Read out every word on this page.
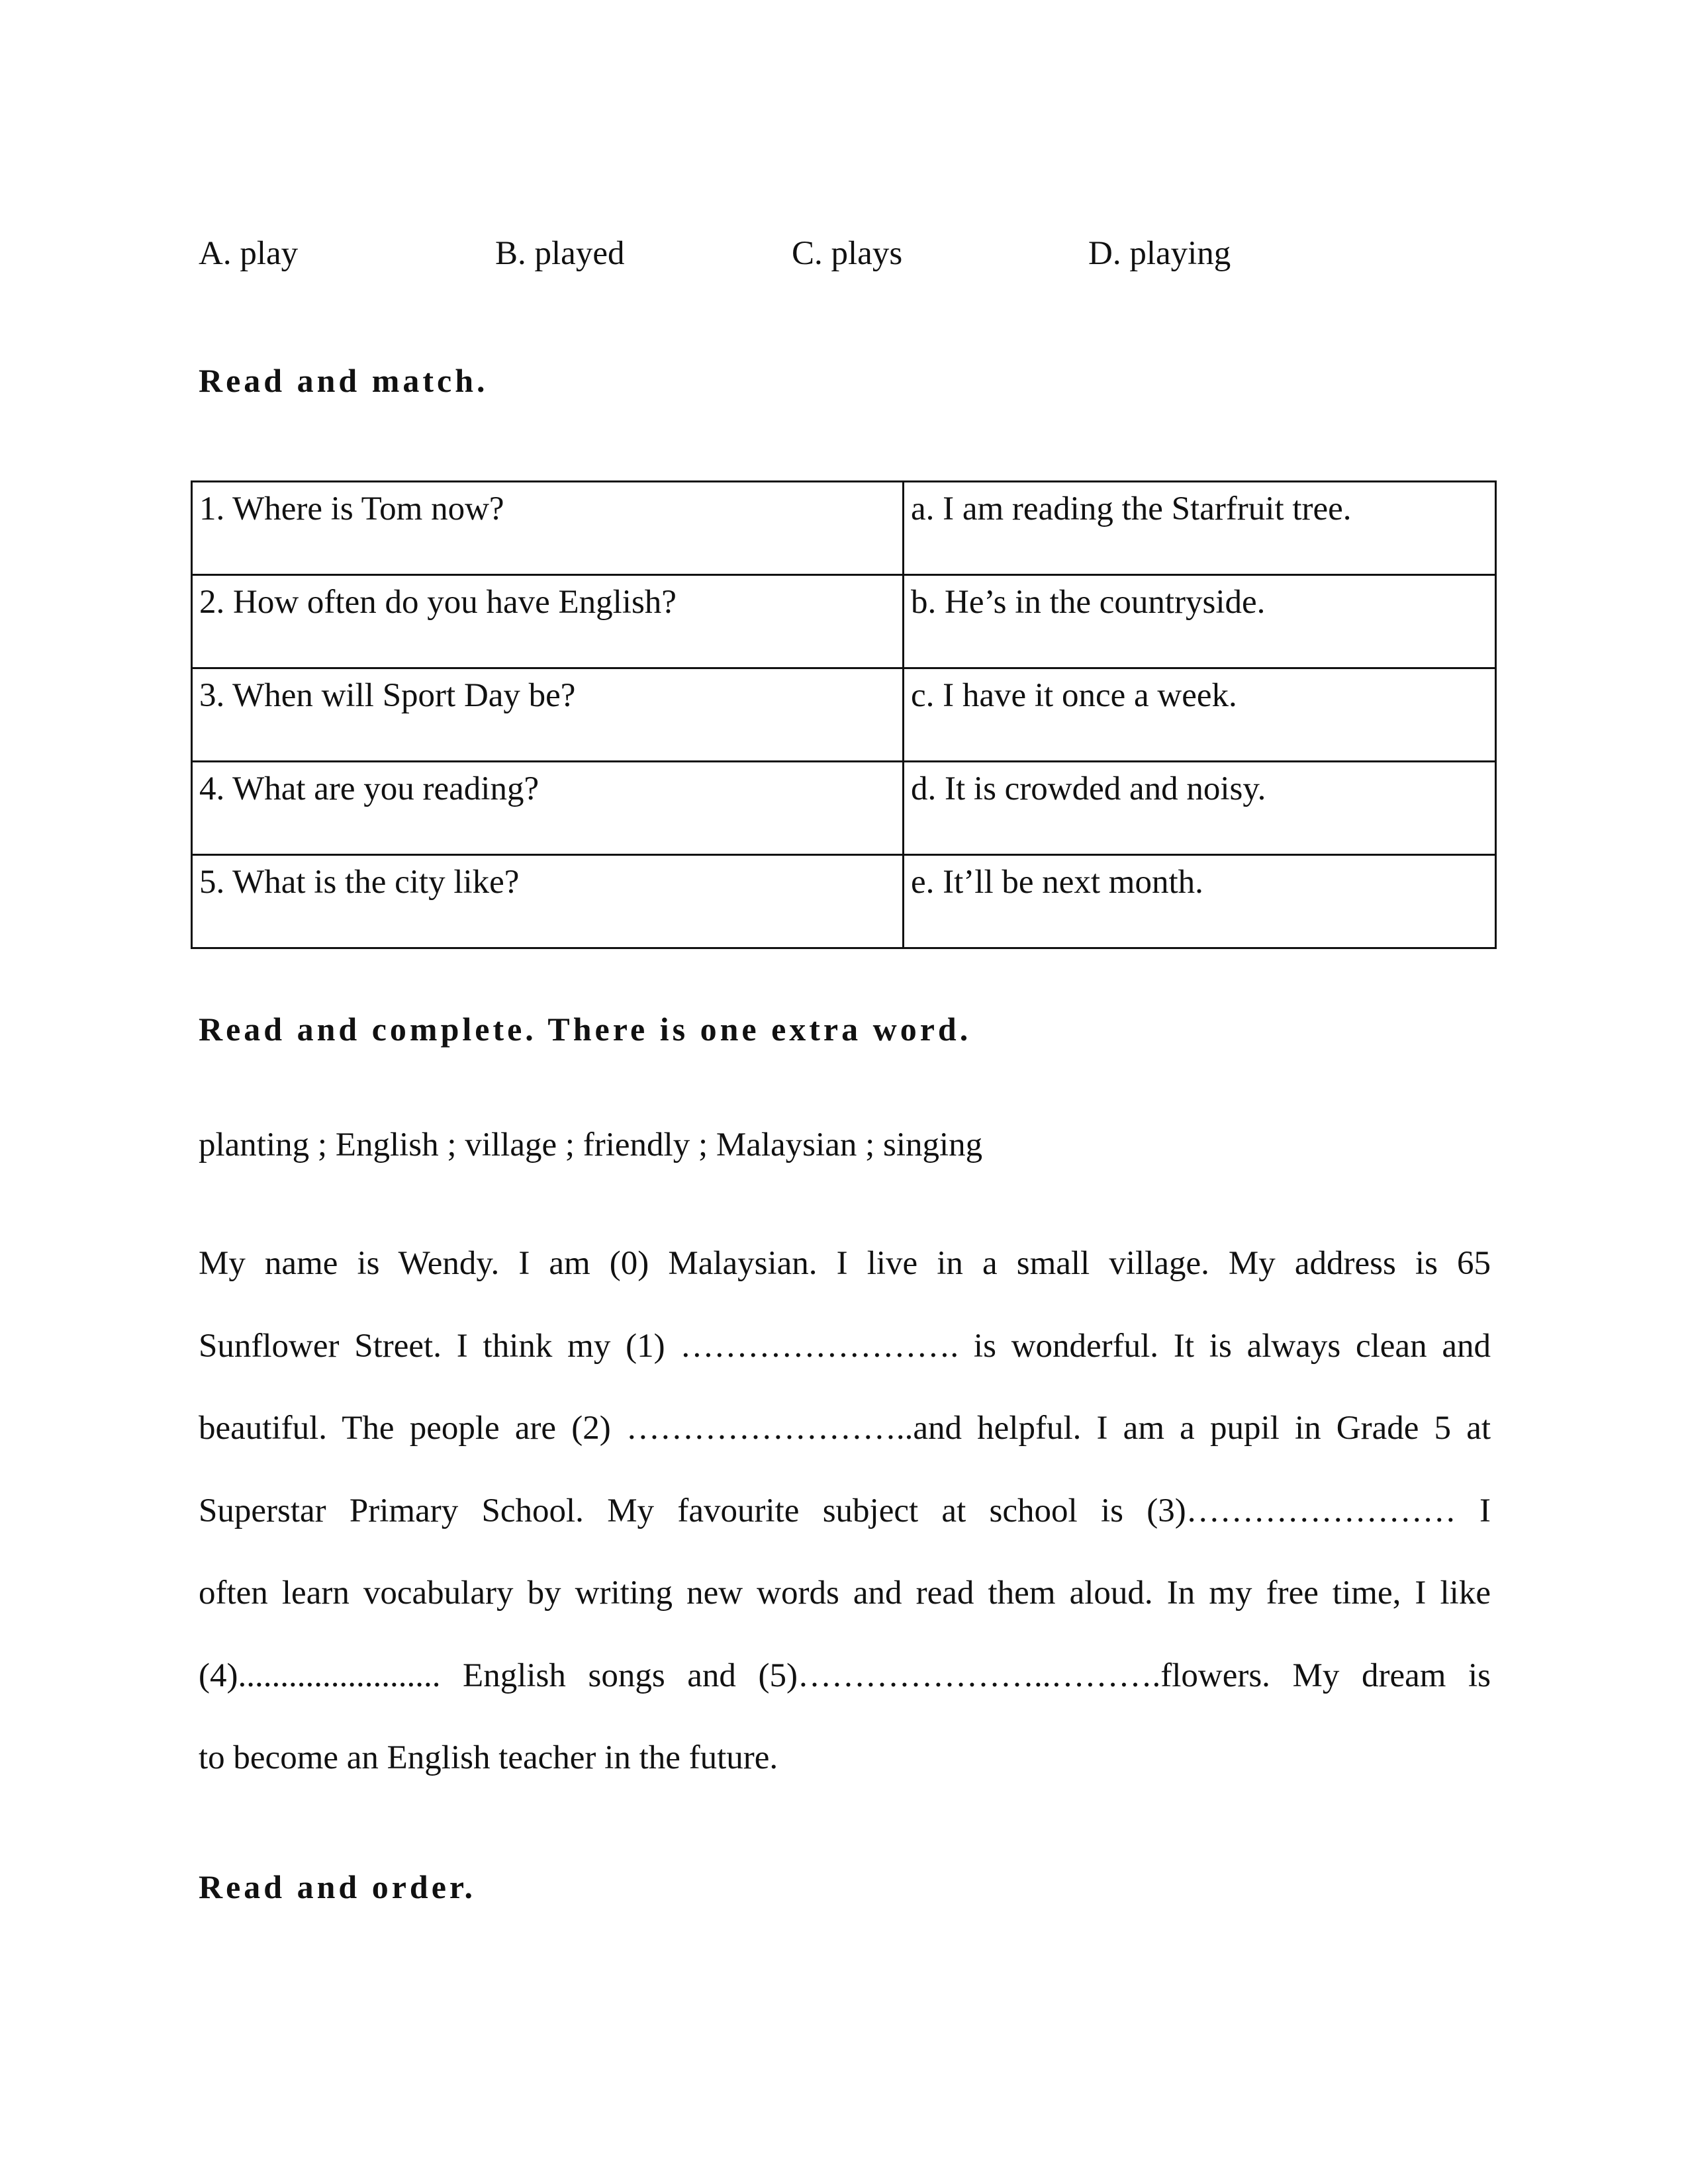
A. play	B. played	C. plays	D. playing
Read and match.
1. Where is Tom now?	a. I am reading the Starfruit tree.
2. How often do you have English?	b. He’s in the countryside.
3. When will Sport Day be?	c. I have it once a week.
4. What are you reading?	d. It is crowded and noisy.
5. What is the city like?	e. It’ll be next month.
Read and complete. There is one extra word.
planting ; English ; village ; friendly ; Malaysian ; singing
My name is Wendy. I am (0) Malaysian. I live in a small village. My address is 65
Sunflower Street. I think my (1) ……………………. is wonderful. It is always clean and
beautiful. The people are (2) ……………………..and helpful. I am a pupil in Grade 5 at
Superstar Primary School. My favourite subject at school is (3)…………………… I
often learn vocabulary by writing new words and read them aloud. In my free time, I like
(4)........................ English songs and (5)…………………..……….flowers. My dream is
to become an English teacher in the future.
Read and order.
